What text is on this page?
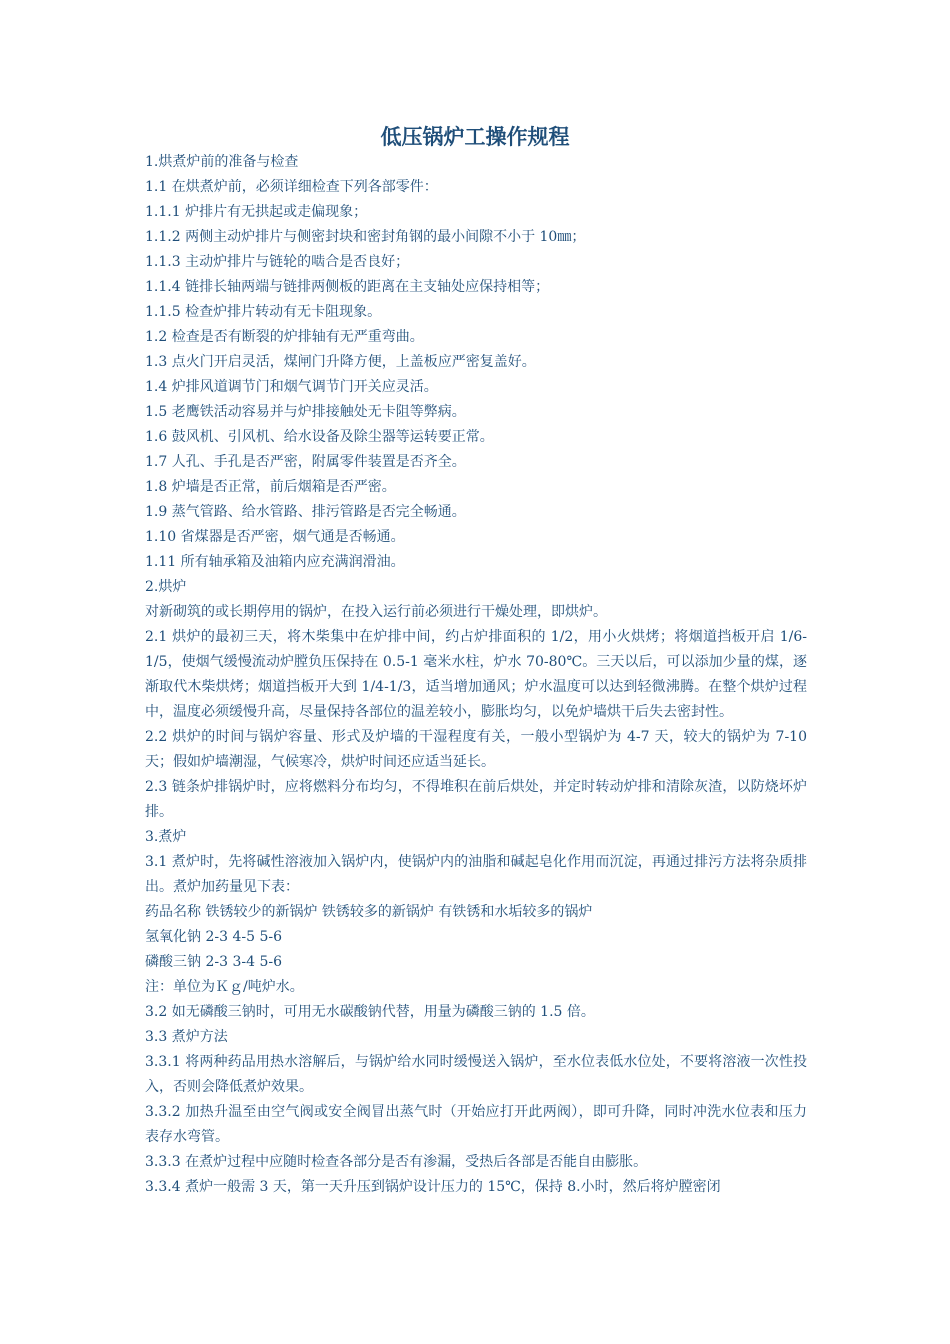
低压锅炉工操作规程

1.烘煮炉前的准备与检查

1.1 在烘煮炉前，必须详细检查下列各部零件：

1.1.1 炉排片有无拱起或走偏现象；

1.1.2 两侧主动炉排片与侧密封块和密封角钢的最小间隙不小于 10㎜；

1.1.3 主动炉排片与链轮的啮合是否良好；

1.1.4 链排长轴两端与链排两侧板的距离在主支轴处应保持相等；

1.1.5 检查炉排片转动有无卡阻现象。

1.2 检查是否有断裂的炉排轴有无严重弯曲。

1.3 点火门开启灵活，煤闸门升降方便，上盖板应严密复盖好。

1.4 炉排风道调节门和烟气调节门开关应灵活。

1.5 老鹰铁活动容易并与炉排接触处无卡阻等弊病。

1.6 鼓风机、引风机、给水设备及除尘器等运转要正常。

1.7 人孔、手孔是否严密，附属零件装置是否齐全。

1.8 炉墙是否正常，前后烟箱是否严密。

1.9 蒸气管路、给水管路、排污管路是否完全畅通。

1.10 省煤器是否严密，烟气通是否畅通。

1.11 所有轴承箱及油箱内应充满润滑油。

2.烘炉

对新砌筑的或长期停用的锅炉，在投入运行前必须进行干燥处理，即烘炉。

2.1 烘炉的最初三天，将木柴集中在炉排中间，约占炉排面积的 1/2，用小火烘烤；将烟道挡板开启 1/6-1/5，使烟气缓慢流动炉膛负压保持在 0.5-1 毫米水柱，炉水 70-80℃。三天以后，可以添加少量的煤，逐渐取代木柴烘烤；烟道挡板开大到 1/4-1/3，适当增加通风；炉水温度可以达到轻微沸腾。在整个烘炉过程中，温度必须缓慢升高，尽量保持各部位的温差较小，膨胀均匀，以免炉墙烘干后失去密封性。

2.2 烘炉的时间与锅炉容量、形式及炉墙的干湿程度有关，一般小型锅炉为 4-7 天，较大的锅炉为 7-10 天；假如炉墙潮湿，气候寒冷，烘炉时间还应适当延长。

2.3 链条炉排锅炉时，应将燃料分布均匀，不得堆积在前后烘处，并定时转动炉排和清除灰渣，以防烧坏炉排。

3.煮炉

3.1 煮炉时，先将碱性溶液加入锅炉内，使锅炉内的油脂和碱起皂化作用而沉淀，再通过排污方法将杂质排出。煮炉加药量见下表：

药品名称 铁锈较少的新锅炉 铁锈较多的新锅炉 有铁锈和水垢较多的锅炉

氢氧化钠 2-3 4-5 5-6

磷酸三钠 2-3 3-4 5-6

注：单位为Ｋｇ/吨炉水。

3.2 如无磷酸三钠时，可用无水碳酸钠代替，用量为磷酸三钠的 1.5 倍。

3.3 煮炉方法

3.3.1 将两种药品用热水溶解后，与锅炉给水同时缓慢送入锅炉，至水位表低水位处，不要将溶液一次性投入，否则会降低煮炉效果。

3.3.2 加热升温至由空气阀或安全阀冒出蒸气时（开始应打开此两阀），即可升降，同时冲洗水位表和压力表存水弯管。

3.3.3 在煮炉过程中应随时检查各部分是否有渗漏，受热后各部是否能自由膨胀。

3.3.4 煮炉一般需 3 天，第一天升压到锅炉设计压力的 15℃，保持 8.小时，然后将炉膛密闭
